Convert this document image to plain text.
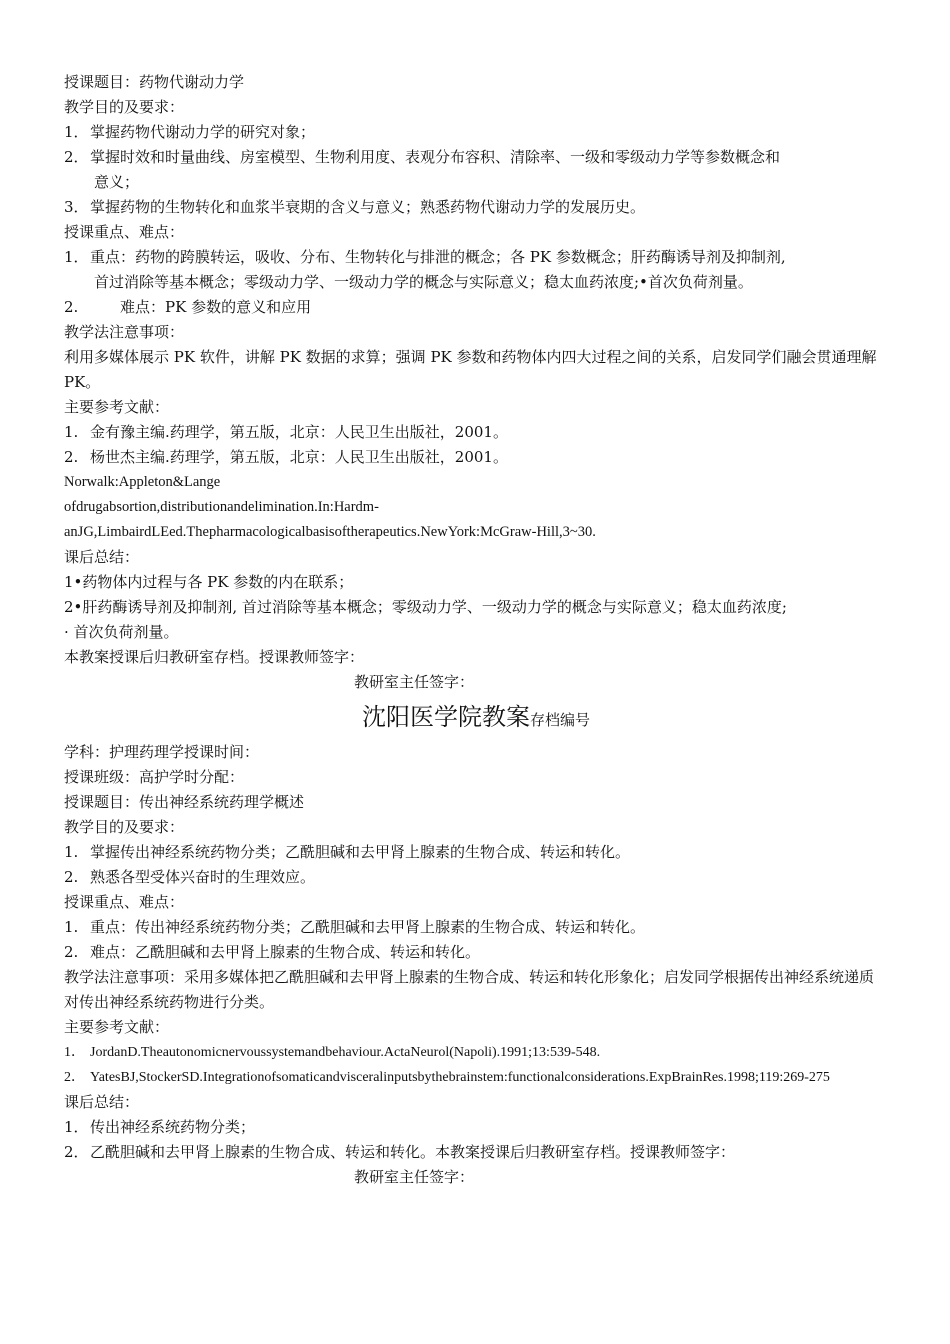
授课题目：药物代谢动力学

教学目的及要求：

1．掌握药物代谢动力学的研究对象；

2．掌握时效和时量曲线、房室模型、生物利用度、表观分布容积、清除率、一级和零级动力学等参数概念和

意义；

3．掌握药物的生物转化和血浆半衰期的含义与意义；熟悉药物代谢动力学的发展历史。

授课重点、难点：

1．重点：药物的跨膜转运，吸收、分布、生物转化与排泄的概念；各 PK 参数概念；肝药酶诱导剂及抑制剂,

首过消除等基本概念；零级动力学、一级动力学的概念与实际意义；稳太血药浓度;•首次负荷剂量。

2.	难点：PK 参数的意义和应用

教学法注意事项：

利用多媒体展示 PK 软件，讲解 PK 数据的求算；强调 PK 参数和药物体内四大过程之间的关系，启发同学们融会贯通理解 PK。

主要参考文献：

1. 金有豫主编.药理学，第五版，北京：人民卫生出版社，2001。

2. 杨世杰主编.药理学，第五版，北京：人民卫生出版社，2001。

Norwalk:Appleton&Lange

ofdrugabsortion,distributionandelimination.In:Hardm-

anJG,LimbairdLEed.Thepharmacologicalbasisoftherapeutics.NewYork:McGraw-Hill,3~30.

课后总结：

1•药物体内过程与各 PK 参数的内在联系；

2•肝药酶诱导剂及抑制剂, 首过消除等基本概念；零级动力学、一级动力学的概念与实际意义；稳太血药浓度;

· 首次负荷剂量。

本教案授课后归教研室存档。授课教师签字：

教研室主任签字：

沈阳医学院教案存档编号

学科：护理药理学授课时间：

授课班级：高护学时分配：

授课题目：传出神经系统药理学概述

教学目的及要求：

1. 掌握传出神经系统药物分类；乙酰胆碱和去甲肾上腺素的生物合成、转运和转化。

2. 熟悉各型受体兴奋时的生理效应。

授课重点、难点：

1. 重点：传出神经系统药物分类；乙酰胆碱和去甲肾上腺素的生物合成、转运和转化。

2. 难点：乙酰胆碱和去甲肾上腺素的生物合成、转运和转化。

教学法注意事项：采用多媒体把乙酰胆碱和去甲肾上腺素的生物合成、转运和转化形象化；启发同学根据传出神经系统递质对传出神经系统药物进行分类。

主要参考文献：

1． JordanD.Theautonomicnervoussystemandbehaviour.ActaNeurol(Napoli).1991;13:539-548.

2． YatesBJ,StockerSD.Integrationofsomaticandvisceralinputsbythebrainstem:functionalconsiderations.ExpBrainRes.1998;119:269-275

课后总结：

1．传出神经系统药物分类；

2．乙酰胆碱和去甲肾上腺素的生物合成、转运和转化。本教案授课后归教研室存档。授课教师签字：

教研室主任签字：
